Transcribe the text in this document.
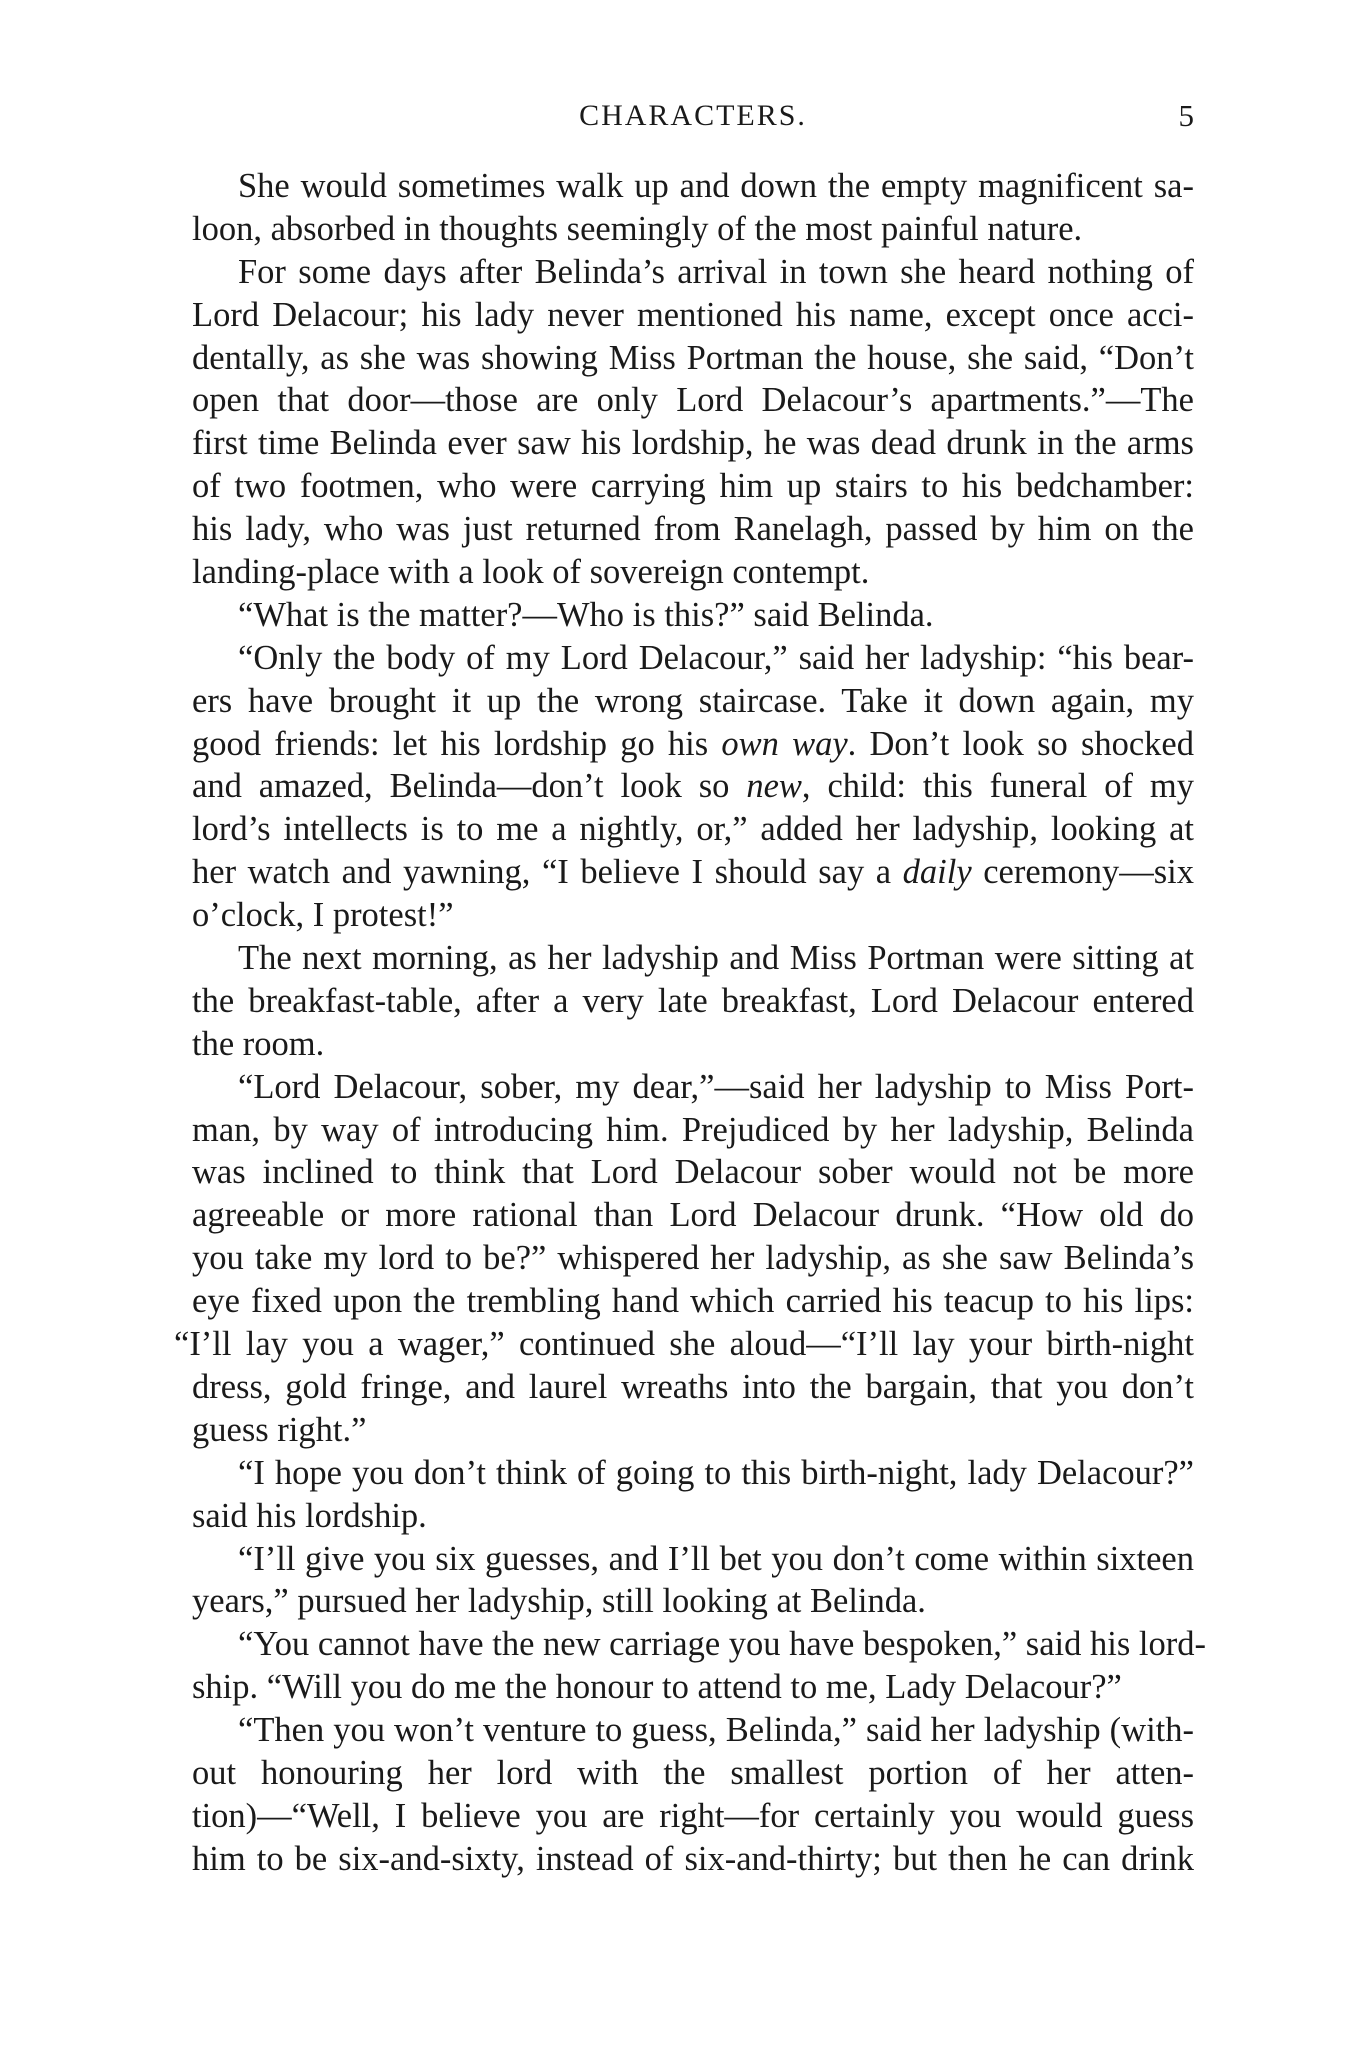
CHARACTERS.	5
She would sometimes walk up and down the empty magnificent sa-
loon, absorbed in thoughts seemingly of the most painful nature.
For some days after Belinda’s arrival in town she heard nothing of
Lord Delacour; his lady never mentioned his name, except once acci-
dentally, as she was showing Miss Portman the house, she said, “Don’t
open that door—those are only Lord Delacour’s apartments.”—The
first time Belinda ever saw his lordship, he was dead drunk in the arms
of two footmen, who were carrying him up stairs to his bedchamber:
his lady, who was just returned from Ranelagh, passed by him on the
landing-place with a look of sovereign contempt.
“What is the matter?—Who is this?” said Belinda.
“Only the body of my Lord Delacour,” said her ladyship: “his bear-
ers have brought it up the wrong staircase. Take it down again, my
good friends: let his lordship go his own way. Don’t look so shocked
and amazed, Belinda—don’t look so new, child: this funeral of my
lord’s intellects is to me a nightly, or,” added her ladyship, looking at
her watch and yawning, “I believe I should say a daily ceremony—six
o’clock, I protest!”
The next morning, as her ladyship and Miss Portman were sitting at
the breakfast-table, after a very late breakfast, Lord Delacour entered
the room.
“Lord Delacour, sober, my dear,”—said her ladyship to Miss Port-
man, by way of introducing him. Prejudiced by her ladyship, Belinda
was inclined to think that Lord Delacour sober would not be more
agreeable or more rational than Lord Delacour drunk. “How old do
you take my lord to be?” whispered her ladyship, as she saw Belinda’s
eye fixed upon the trembling hand which carried his teacup to his lips:
“I’ll lay you a wager,” continued she aloud—“I’ll lay your birth-night
dress, gold fringe, and laurel wreaths into the bargain, that you don’t
guess right.”
“I hope you don’t think of going to this birth-night, lady Delacour?”
said his lordship.
“I’ll give you six guesses, and I’ll bet you don’t come within sixteen
years,” pursued her ladyship, still looking at Belinda.
“You cannot have the new carriage you have bespoken,” said his lord-
ship. “Will you do me the honour to attend to me, Lady Delacour?”
“Then you won’t venture to guess, Belinda,” said her ladyship (with-
out honouring her lord with the smallest portion of her atten-
tion)—“Well, I believe you are right—for certainly you would guess
him to be six-and-sixty, instead of six-and-thirty; but then he can drink
